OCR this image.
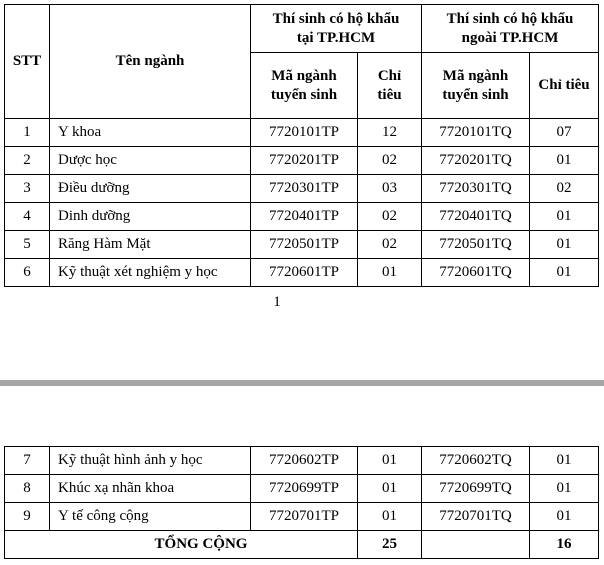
STT	Tên ngành	Thí sinh có hộ khẩu tại TP.HCM		Thí sinh có hộ khẩu ngoài TP.HCM	
		Mã ngành tuyển sinh	Chỉ tiêu	Mã ngành tuyển sinh	Chỉ tiêu
1	Y khoa	7720101TP	12	7720101TQ	07
2	Dược học	7720201TP	02	7720201TQ	01
3	Điều dưỡng	7720301TP	03	7720301TQ	02
4	Dinh dưỡng	7720401TP	02	7720401TQ	01
5	Răng Hàm Mặt	7720501TP	02	7720501TQ	01
6	Kỹ thuật xét nghiệm y học	7720601TP	01	7720601TQ	01
1
7	Kỹ thuật hình ảnh y học	7720602TP	01	7720602TQ	01
8	Khúc xạ nhãn khoa	7720699TP	01	7720699TQ	01
9	Y tế công cộng	7720701TP	01	7720701TQ	01
TỔNG CỘNG			25		16
